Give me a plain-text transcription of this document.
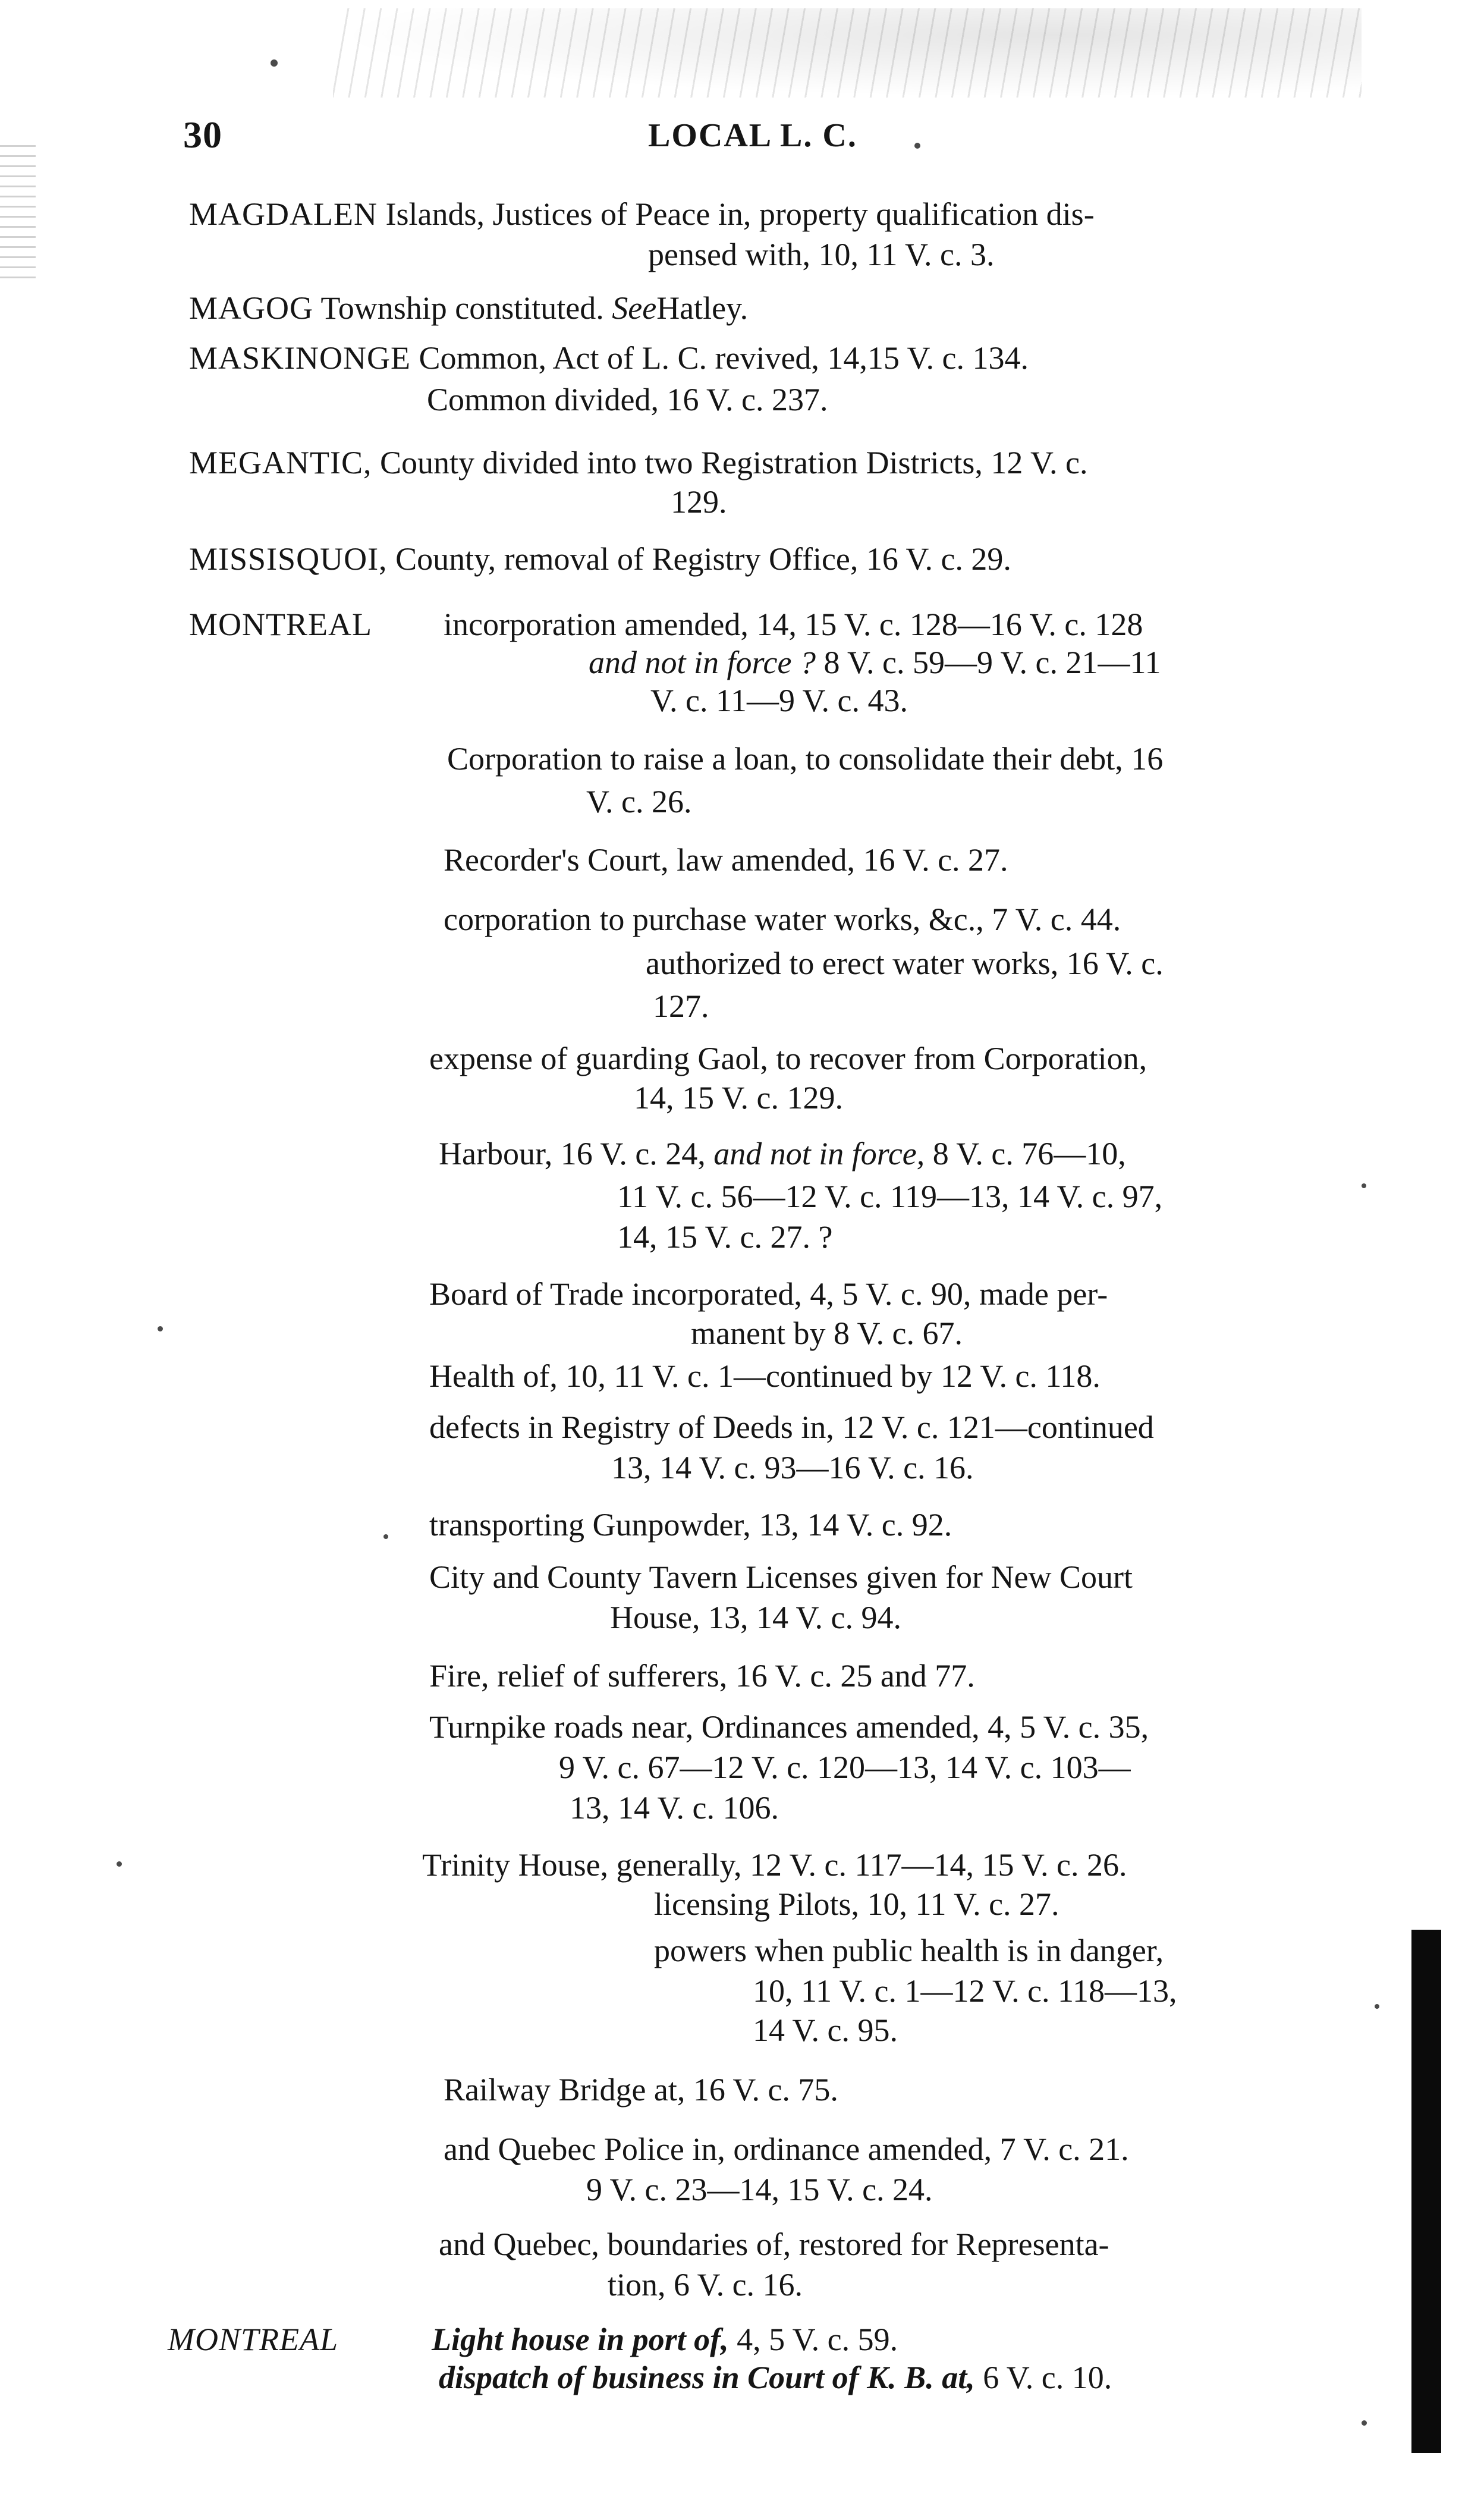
30	LOCAL L. C.
MAGDALEN Islands, Justices of Peace in, property qualification dis-
pensed with, 10, 11 V. c. 3.
MAGOG Township constituted. SeeHatley.
MASKINONGE Common, Act of L. C. revived, 14,15 V. c. 134.
Common divided, 16 V. c. 237.
MEGANTIC, County divided into two Registration Districts, 12 V. c.
129.
MISSISQUOI, County, removal of Registry Office, 16 V. c. 29.
MONTREAL incorporation amended, 14, 15 V. c. 128—16 V. c. 128
and not in force ? 8 V. c. 59—9 V. c. 21—11
V. c. 11—9 V. c. 43.
Corporation to raise a loan, to consolidate their debt, 16
V. c. 26.
Recorder's Court, law amended, 16 V. c. 27.
corporation to purchase water works, &c., 7 V. c. 44.
authorized to erect water works, 16 V. c.
127.
expense of guarding Gaol, to recover from Corporation,
14, 15 V. c. 129.
Harbour, 16 V. c. 24, and not in force, 8 V. c. 76—10,
11 V. c. 56—12 V. c. 119—13, 14 V. c. 97,
14, 15 V. c. 27. ?
Board of Trade incorporated, 4, 5 V. c. 90, made per-
manent by 8 V. c. 67.
Health of, 10, 11 V. c. 1—continued by 12 V. c. 118.
defects in Registry of Deeds in, 12 V. c. 121—continued
13, 14 V. c. 93—16 V. c. 16.
transporting Gunpowder, 13, 14 V. c. 92.
City and County Tavern Licenses given for New Court
House, 13, 14 V. c. 94.
Fire, relief of sufferers, 16 V. c. 25 and 77.
Turnpike roads near, Ordinances amended, 4, 5 V. c. 35,
9 V. c. 67—12 V. c. 120—13, 14 V. c. 103—
13, 14 V. c. 106.
Trinity House, generally, 12 V. c. 117—14, 15 V. c. 26.
licensing Pilots, 10, 11 V. c. 27.
powers when public health is in danger,
10, 11 V. c. 1—12 V. c. 118—13,
14 V. c. 95.
Railway Bridge at, 16 V. c. 75.
and Quebec Police in, ordinance amended, 7 V. c. 21.
9 V. c. 23—14, 15 V. c. 24.
and Quebec, boundaries of, restored for Representa-
tion, 6 V. c. 16.
MONTREAL	Light house in port of, 4, 5 V. c. 59.
dispatch of business in Court of K. B. at, 6 V. c. 10.
